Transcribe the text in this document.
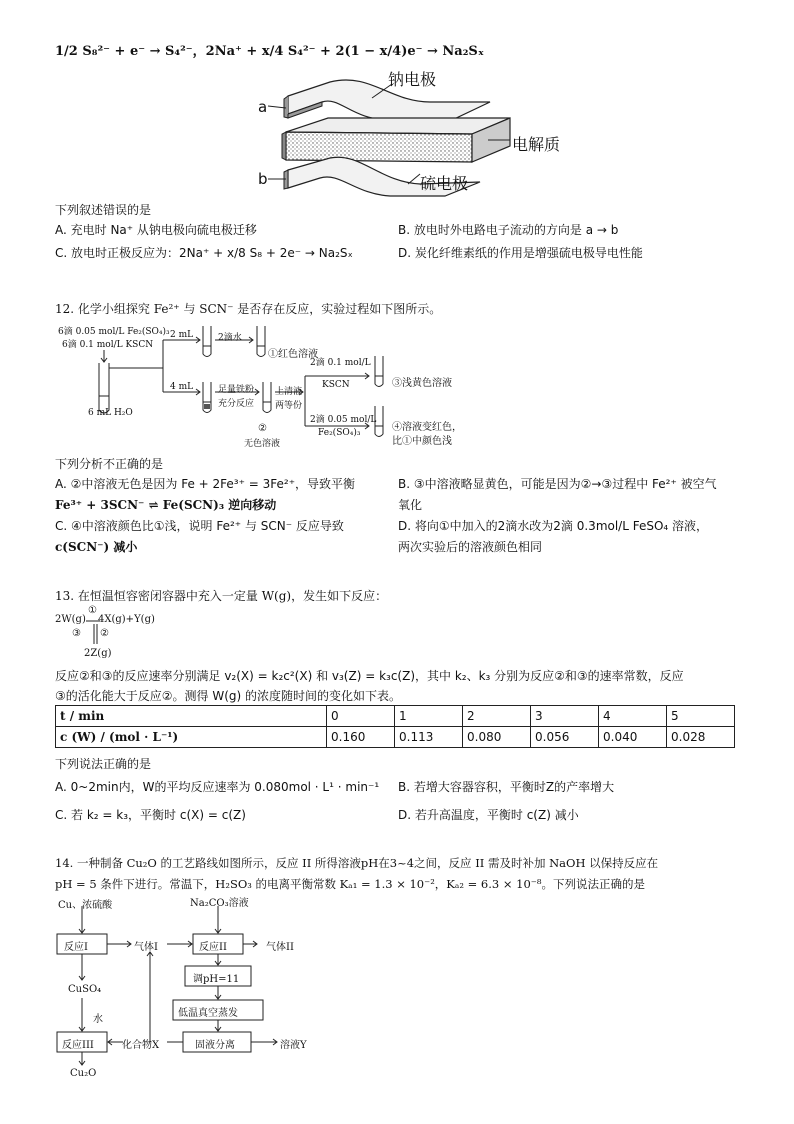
1/2 S₈²⁻ + e⁻ → S₄²⁻，2Na⁺ + x/4 S₄²⁻ + 2(1 − x/4)e⁻ → Na₂Sₓ
a
b
钠电极
电解质
硫电极
下列叙述错误的是
A. 充电时 Na⁺ 从钠电极向硫电极迁移	B. 放电时外电路电子流动的方向是 a → b
C. 放电时正极反应为：2Na⁺ + x/8 S₈ + 2e⁻ → Na₂Sₓ	D. 炭化纤维素纸的作用是增强硫电极导电性能
12. 化学小组探究 Fe²⁺ 与 SCN⁻ 是否存在反应，实验过程如下图所示。
6滴 0.05 mol/L Fe₂(SO₄)₃
6滴 0.1 mol/L KSCN
6 mL H₂O
2 mL
4 mL
2滴水
①红色溶液
足量铁粉
充分反应
②
无色溶液
上清液
两等份
2滴 0.1 mol/L
KSCN	③浅黄色溶液
2滴 0.05 mol/L
Fe₂(SO₄)₃	④溶液变红色，
比①中颜色浅
下列分析不正确的是
A. ②中溶液无色是因为 Fe + 2Fe³⁺ = 3Fe²⁺，导致平衡
Fe³⁺ + 3SCN⁻ ⇌ Fe(SCN)₃ 逆向移动
B. ③中溶液略显黄色，可能是因为②→③过程中 Fe²⁺ 被空气
氧化
C. ④中溶液颜色比①浅，说明 Fe²⁺ 与 SCN⁻ 反应导致
c(SCN⁻) 减小
D. 将向①中加入的2滴水改为2滴 0.3mol/L FeSO₄ 溶液，
两次实验后的溶液颜色相同
13. 在恒温恒容密闭容器中充入一定量 W(g)，发生如下反应：
2W(g)
①
4X(g)+Y(g)
③ ②
2Z(g)
反应②和③的反应速率分别满足 v₂(X) = k₂c²(X) 和 v₃(Z) = k₃c(Z)，其中 k₂、k₃ 分别为反应②和③的速率常数，反应
③的活化能大于反应②。测得 W(g) 的浓度随时间的变化如下表。
t / min	0	1	2	3	4	5
c (W) / (mol · L⁻¹)	0.160	0.113	0.080	0.056	0.040	0.028
下列说法正确的是
A. 0~2min内，W的平均反应速率为 0.080mol · L¹ · min⁻¹ B. 若增大容器容积，平衡时Z的产率增大
C. 若 k₂ = k₃，平衡时 c(X) = c(Z)	D. 若升高温度，平衡时 c(Z) 减小
14. 一种制备 Cu₂O 的工艺路线如图所示，反应 II 所得溶液pH在3~4之间，反应 II 需及时补加 NaOH 以保持反应在
pH = 5 条件下进行。常温下，H₂SO₃ 的电离平衡常数 Kₐ₁ = 1.3 × 10⁻²，Kₐ₂ = 6.3 × 10⁻⁸。下列说法正确的是
Cu、浓硫酸	Na₂CO₃溶液
反应I	气体I	反应II	气体II
调pH=11
低温真空蒸发
CuSO₄
水
反应III	化合物X	固液分离	溶液Y
Cu₂O
